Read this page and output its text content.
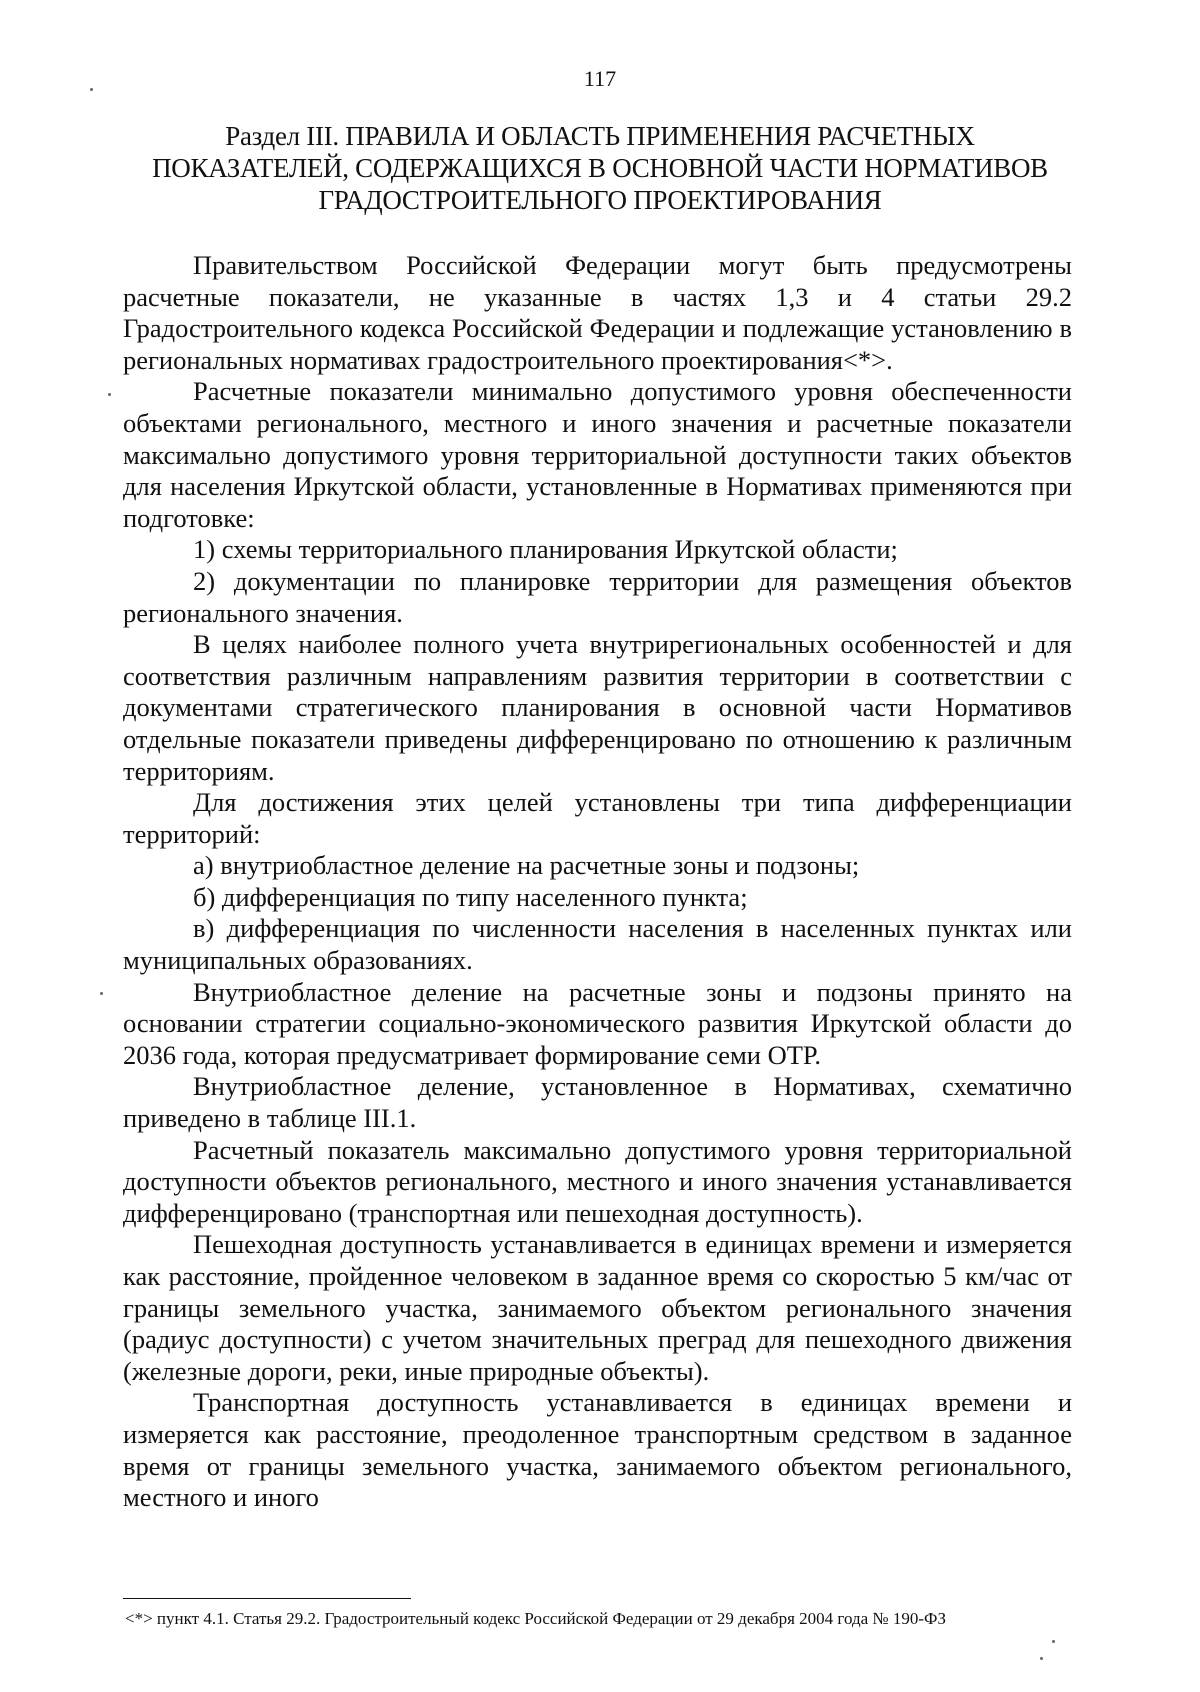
117
Раздел III. ПРАВИЛА И ОБЛАСТЬ ПРИМЕНЕНИЯ РАСЧЕТНЫХ
ПОКАЗАТЕЛЕЙ, СОДЕРЖАЩИХСЯ В ОСНОВНОЙ ЧАСТИ НОРМАТИВОВ
ГРАДОСТРОИТЕЛЬНОГО ПРОЕКТИРОВАНИЯ

Правительством Российской Федерации могут быть предусмотрены расчетные показатели, не указанные в частях 1,3 и 4 статьи 29.2 Градостроительного кодекса Российской Федерации и подлежащие установлению в региональных нормативах градостроительного проектирования<*>.

Расчетные показатели минимально допустимого уровня обеспеченности объектами регионального, местного и иного значения и расчетные показатели максимально допустимого уровня территориальной доступности таких объектов для населения Иркутской области, установленные в Нормативах применяются при подготовке:

1) схемы территориального планирования Иркутской области;

2) документации по планировке территории для размещения объектов регионального значения.

В целях наиболее полного учета внутрирегиональных особенностей и для соответствия различным направлениям развития территории в соответствии с документами стратегического планирования в основной части Нормативов отдельные показатели приведены дифференцировано по отношению к различным территориям.

Для достижения этих целей установлены три типа дифференциации территорий:

а) внутриобластное деление на расчетные зоны и подзоны;

б) дифференциация по типу населенного пункта;

в) дифференциация по численности населения в населенных пунктах или муниципальных образованиях.

Внутриобластное деление на расчетные зоны и подзоны принято на основании стратегии социально-экономического развития Иркутской области до 2036 года, которая предусматривает формирование семи ОТР.

Внутриобластное деление, установленное в Нормативах, схематично приведено в таблице III.1.

Расчетный показатель максимально допустимого уровня территориальной доступности объектов регионального, местного и иного значения устанавливается дифференцировано (транспортная или пешеходная доступность).

Пешеходная доступность устанавливается в единицах времени и измеряется как расстояние, пройденное человеком в заданное время со скоростью 5 км/час от границы земельного участка, занимаемого объектом регионального значения (радиус доступности) с учетом значительных преград для пешеходного движения (железные дороги, реки, иные природные объекты).

Транспортная доступность устанавливается в единицах времени и измеряется как расстояние, преодоленное транспортным средством в заданное время от границы земельного участка, занимаемого объектом регионального, местного и иного

<*> пункт 4.1. Статья 29.2. Градостроительный кодекс Российской Федерации от 29 декабря 2004 года № 190-ФЗ
